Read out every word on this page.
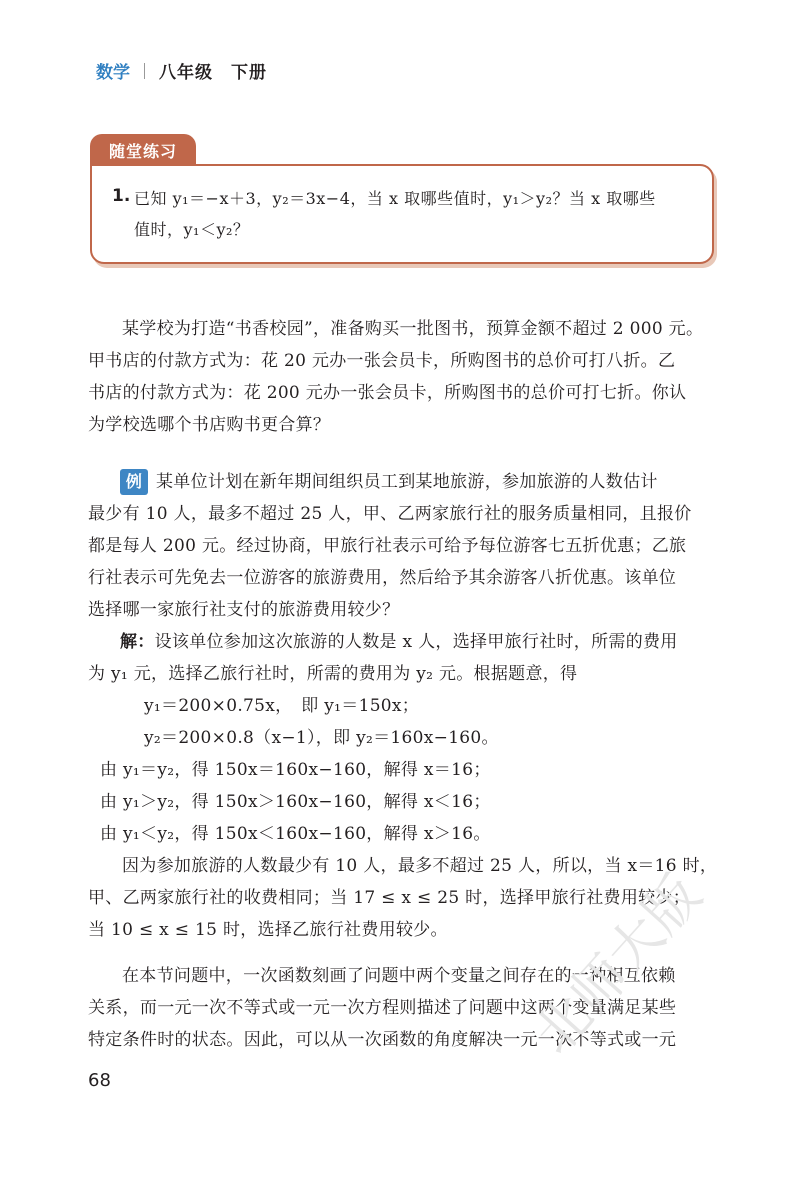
数学 八年级　下册
随堂练习
1. 已知 y₁＝−x＋3，y₂＝3x−4，当 x 取哪些值时，y₁＞y₂？当 x 取哪些
值时，y₁＜y₂？
某学校为打造“书香校园”，准备购买一批图书，预算金额不超过 2 000 元。
甲书店的付款方式为：花 20 元办一张会员卡，所购图书的总价可打八折。乙
书店的付款方式为：花 200 元办一张会员卡，所购图书的总价可打七折。你认
为学校选哪个书店购书更合算？
例 某单位计划在新年期间组织员工到某地旅游，参加旅游的人数估计
最少有 10 人，最多不超过 25 人，甲、乙两家旅行社的服务质量相同，且报价
都是每人 200 元。经过协商，甲旅行社表示可给予每位游客七五折优惠；乙旅
行社表示可先免去一位游客的旅游费用，然后给予其余游客八折优惠。该单位
选择哪一家旅行社支付的旅游费用较少？
解：设该单位参加这次旅游的人数是 x 人，选择甲旅行社时，所需的费用
为 y₁ 元，选择乙旅行社时，所需的费用为 y₂ 元。根据题意，得
y₁＝200×0.75x，　即 y₁＝150x；
y₂＝200×0.8（x−1），即 y₂＝160x−160。
由 y₁＝y₂，得 150x＝160x−160，解得 x＝16；
由 y₁＞y₂，得 150x＞160x−160，解得 x＜16；
由 y₁＜y₂，得 150x＜160x−160，解得 x＞16。
因为参加旅游的人数最少有 10 人，最多不超过 25 人，所以，当 x＝16 时，
甲、乙两家旅行社的收费相同；当 17 ≤ x ≤ 25 时，选择甲旅行社费用较少；
当 10 ≤ x ≤ 15 时，选择乙旅行社费用较少。
在本节问题中，一次函数刻画了问题中两个变量之间存在的一种相互依赖
关系，而一元一次不等式或一元一次方程则描述了问题中这两个变量满足某些
特定条件时的状态。因此，可以从一次函数的角度解决一元一次不等式或一元
68
北师大版
